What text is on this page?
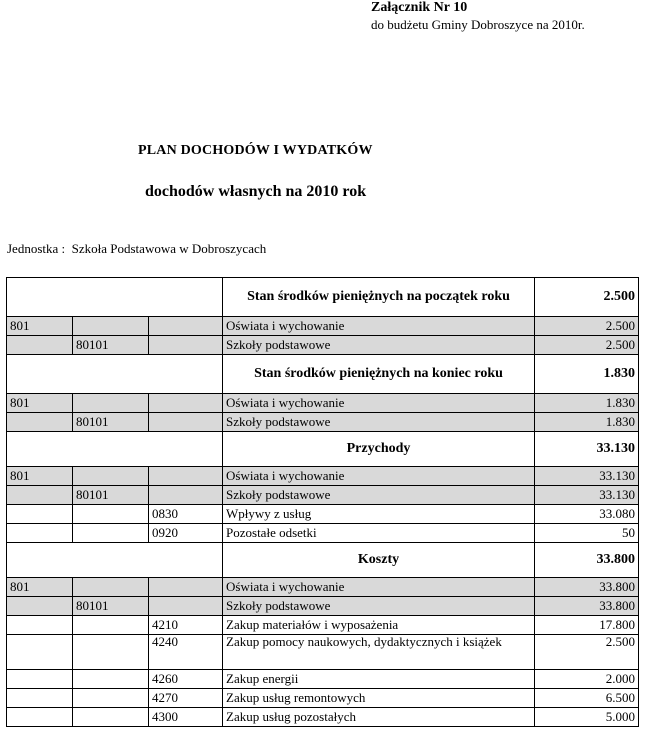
Załącznik Nr 10
do budżetu Gminy Dobroszyce na 2010r.
PLAN DOCHODÓW I WYDATKÓW
dochodów własnych na 2010 rok
Jednostka : Szkoła Podstawowa w Dobroszycach
			Stan środków pieniężnych na początek roku	2.500
801			Oświata i wychowanie	2.500
	80101		Szkoły podstawowe	2.500
			Stan środków pieniężnych na koniec roku	1.830
801			Oświata i wychowanie	1.830
	80101		Szkoły podstawowe	1.830
			Przychody	33.130
801			Oświata i wychowanie	33.130
	80101		Szkoły podstawowe	33.130
		0830	Wpływy z usług	33.080
		0920	Pozostałe odsetki	50
			Koszty	33.800
801			Oświata i wychowanie	33.800
	80101		Szkoły podstawowe	33.800
		4210	Zakup materiałów i wyposażenia	17.800
		4240	Zakup pomocy naukowych, dydaktycznych i książek	2.500
		4260	Zakup energii	2.000
		4270	Zakup usług remontowych	6.500
		4300	Zakup usług pozostałych	5.000
